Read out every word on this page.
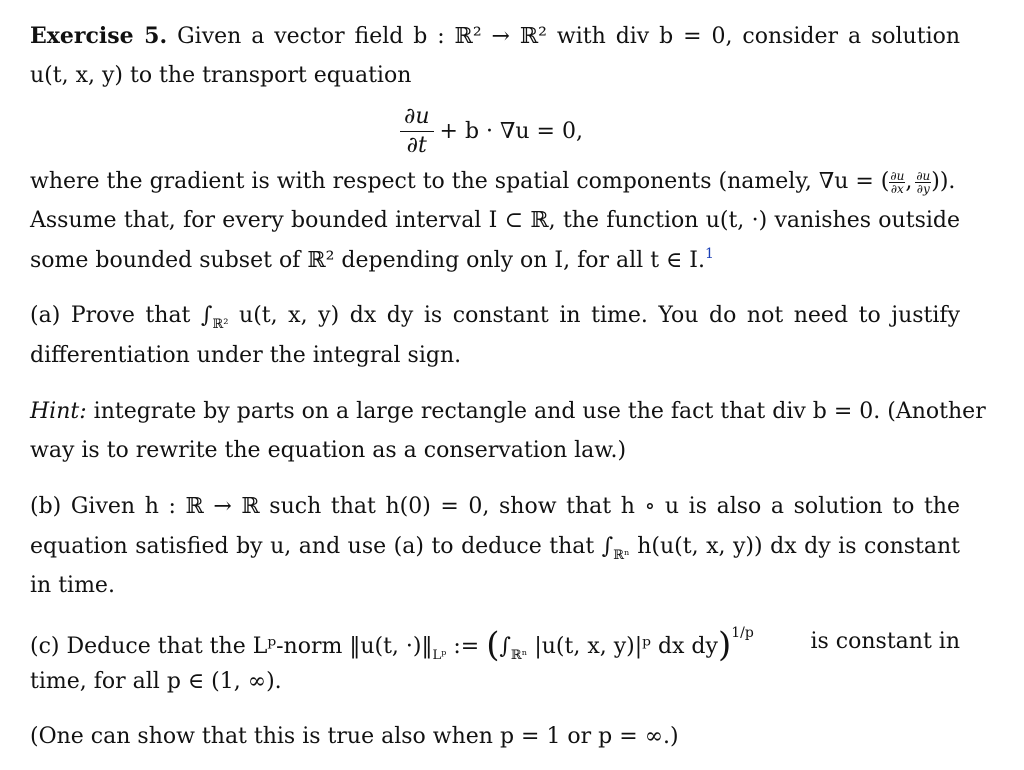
Exercise 5. Given a vector field b : ℝ² → ℝ² with div b = 0, consider a solution
u(t, x, y) to the transport equation
$\frac{\partial u}{\partial t} + b \cdot \nabla u = 0$,
where the gradient is with respect to the spatial components (namely, ∇u = ( $\frac{\partial u}{\partial x}$ , $\frac{\partial u}{\partial y}$ )).
Assume that, for every bounded interval I ⊂ ℝ, the function u(t, ·) vanishes outside
some bounded subset of ℝ² depending only on I, for all t ∈ I.$^1$
(a) Prove that $\int_{ℝ^2}$ u(t, x, y) dx dy is constant in time. You do not need to justify
differentiation under the integral sign.
Hint: integrate by parts on a large rectangle and use the fact that div b = 0. (Another
way is to rewrite the equation as a conservation law.)
(b) Given h : ℝ → ℝ such that h(0) = 0, show that h ∘ u is also a solution to the
equation satisfied by u, and use (a) to deduce that $\int_{ℝ^n}$ h(u(t, x, y)) dx dy is constant
in time.
(c) Deduce that the Lᵖ-norm ‖u(t, $\cdot)‖_{Lᵖ}$ := ($\int_{ℝ^n}$ |u(t, x, y)|ᵖ dx dy)$^{1/p}$	is constant in
time, for all p ∈ (1, ∞).
(One can show that this is true also when p = 1 or p = ∞.)
